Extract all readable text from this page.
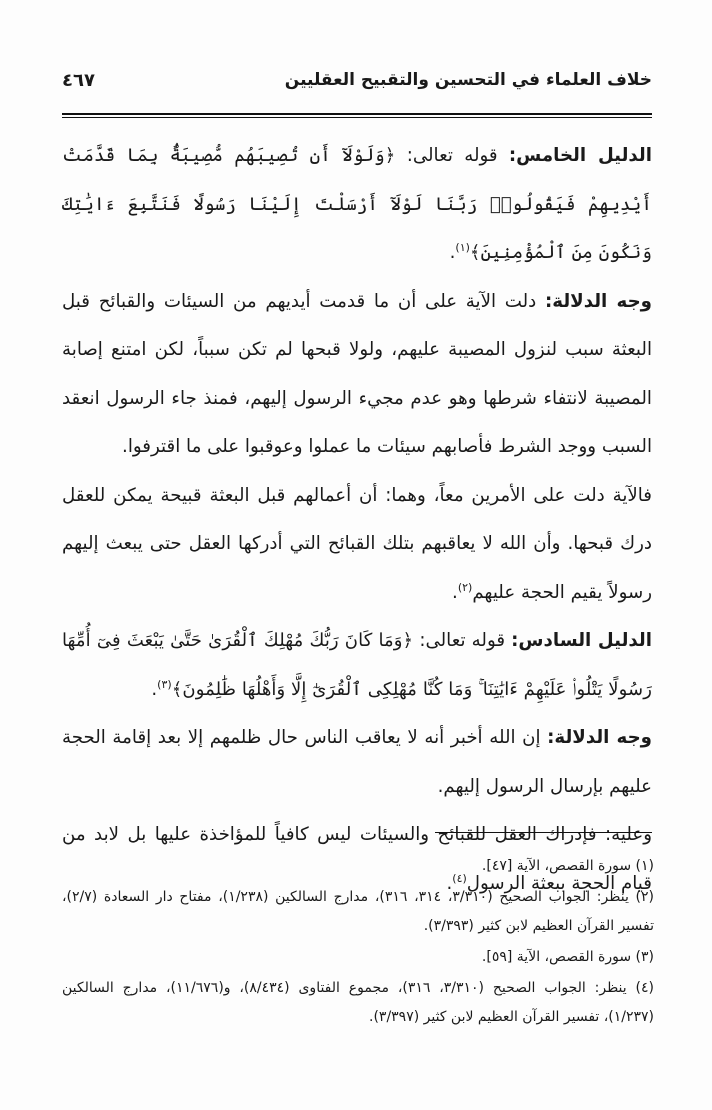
خلاف العلماء في التحسين والتقبيح العقليين
٤٦٧

الدليل الخامس: قوله تعالى: ﴿وَلَوْلَآ أَن تُصِيبَهُم مُّصِيبَةٌۢ بِمَا قَدَّمَتْ أَيْدِيهِمْ فَيَقُولُوا۟ رَبَّنَا لَوْلَآ أَرْسَلْتَ إِلَيْنَا رَسُولًا فَنَتَّبِعَ ءَايَٰتِكَ وَنَكُونَ مِنَ ٱلْمُؤْمِنِينَ﴾$^{(١)}$.

وجه الدلالة: دلت الآية على أن ما قدمت أيديهم من السيئات والقبائح قبل البعثة سبب لنزول المصيبة عليهم، ولولا قبحها لم تكن سبباً، لكن امتنع إصابة المصيبة لانتفاء شرطها وهو عدم مجيء الرسول إليهم، فمنذ جاء الرسول انعقد السبب ووجد الشرط فأصابهم سيئات ما عملوا وعوقبوا على ما اقترفوا.

فالآية دلت على الأمرين معاً، وهما: أن أعمالهم قبل البعثة قبيحة يمكن للعقل درك قبحها. وأن الله لا يعاقبهم بتلك القبائح التي أدركها العقل حتى يبعث إليهم رسولاً يقيم الحجة عليهم$^{(٢)}$.

الدليل السادس: قوله تعالى: ﴿وَمَا كَانَ رَبُّكَ مُهْلِكَ ٱلْقُرَىٰ حَتَّىٰ يَبْعَثَ فِىٓ أُمِّهَا رَسُولًا يَتْلُوا۟ عَلَيْهِمْ ءَايَٰتِنَا ۚ وَمَا كُنَّا مُهْلِكِى ٱلْقُرَىٰٓ إِلَّا وَأَهْلُهَا ظَٰلِمُونَ﴾$^{(٣)}$.

وجه الدلالة: إن الله أخبر أنه لا يعاقب الناس حال ظلمهم إلا بعد إقامة الحجة عليهم بإرسال الرسول إليهم.

وعليه: فإدراك العقل للقبائح والسيئات ليس كافياً للمؤاخذة عليها بل لابد من قيام الحجة ببعثة الرسول$^{(٤)}$.

(١) سورة القصص، الآية [٤٧].

(٢) ينظر: الجواب الصحيح (٣/٣١٠، ٣١٤، ٣١٦)، مدارج السالكين (١/٢٣٨)، مفتاح دار السعادة (٢/٧)، تفسير القرآن العظيم لابن كثير (٣/٣٩٣).

(٣) سورة القصص، الآية [٥٩].

(٤) ينظر: الجواب الصحيح (٣/٣١٠، ٣١٦)، مجموع الفتاوى (٨/٤٣٤)، و(١١/٦٧٦)، مدارج السالكين (١/٢٣٧)، تفسير القرآن العظيم لابن كثير (٣/٣٩٧).
